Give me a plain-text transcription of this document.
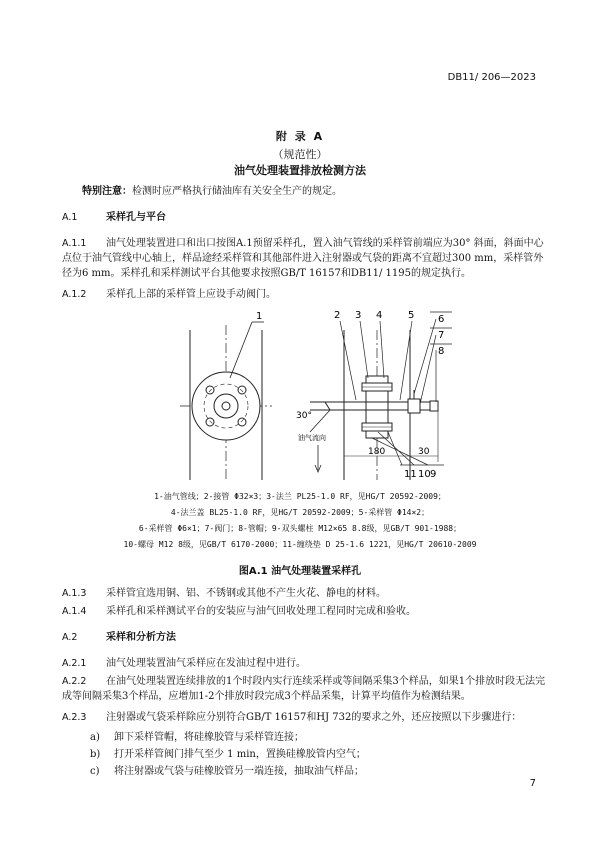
DB11/ 206—2023
附 录 A
（规范性）
油气处理装置排放检测方法
特别注意：检测时应严格执行储油库有关安全生产的规定。
A.1	采样孔与平台
A.1.1 油气处理装置进口和出口按图A.1预留采样孔，置入油气管线的采样管前端应为30° 斜面，斜面中心点位于油气管线中心轴上，样品途经采样管和其他部件进入注射器或气袋的距离不宜超过300 mm，采样管外径为6 mm。采样孔和采样测试平台其他要求按照GB/T 16157和DB11/ 1195的规定执行。
A.1.2 采样孔上部的采样管上应设手动阀门。
1	2 3 4	5 6
7
8
9
10
11
30°
油气流向
180	30
1-油气管线；2-接管 Φ32×3；3-法兰 PL25-1.0 RF，见HG/T 20592-2009；
4-法兰盖 BL25-1.0 RF，见HG/T 20592-2009；5-采样管 Φ14×2；
6-采样管 Φ6×1；7-阀门；8-管帽；9-双头螺柱 M12×65 8.8级，见GB/T 901-1988；
10-螺母 M12 8级，见GB/T 6170-2000；11-缠绕垫 D 25-1.6 1221，见HG/T 20610-2009
图A.1 油气处理装置采样孔
A.1.3 采样管宜选用铜、铝、不锈钢或其他不产生火花、静电的材料。
A.1.4 采样孔和采样测试平台的安装应与油气回收处理工程同时完成和验收。
A.2	采样和分析方法
A.2.1 油气处理装置油气采样应在发油过程中进行。
A.2.2 在油气处理装置连续排放的1个时段内实行连续采样或等间隔采集3个样品，如果1个排放时段无法完成等间隔采集3个样品，应增加1-2个排放时段完成3个样品采集，计算平均值作为检测结果。
A.2.3 注射器或气袋采样除应分别符合GB/T 16157和HJ 732的要求之外，还应按照以下步骤进行：
a) 卸下采样管帽，将硅橡胶管与采样管连接；
b) 打开采样管阀门排气至少 1 min，置换硅橡胶管内空气；
c) 将注射器或气袋与硅橡胶管另一端连接，抽取油气样品；
7
